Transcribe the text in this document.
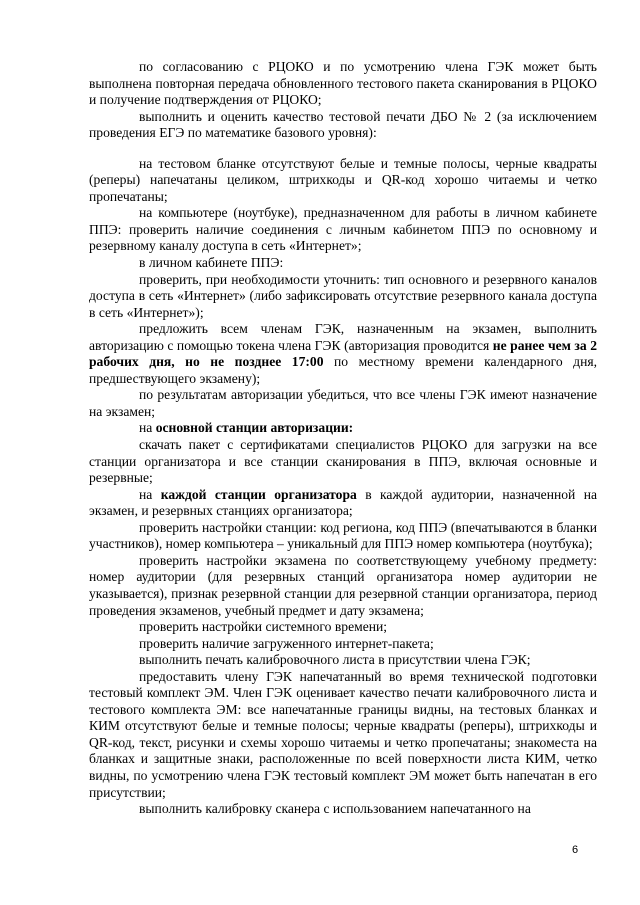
по согласованию с РЦОКО и по усмотрению члена ГЭК может быть выполнена повторная передача обновленного тестового пакета сканирования в РЦОКО и получение подтверждения от РЦОКО;

выполнить и оценить качество тестовой печати ДБО № 2 (за исключением проведения ЕГЭ по математике базового уровня):

на тестовом бланке отсутствуют белые и темные полосы, черные квадраты (реперы) напечатаны целиком, штрихкоды и QR-код хорошо читаемы и четко пропечатаны;

на компьютере (ноутбуке), предназначенном для работы в личном кабинете ППЭ: проверить наличие соединения с личным кабинетом ППЭ по основному и резервному каналу доступа в сеть «Интернет»;

в личном кабинете ППЭ:

проверить, при необходимости уточнить: тип основного и резервного каналов доступа в сеть «Интернет» (либо зафиксировать отсутствие резервного канала доступа в сеть «Интернет»);

предложить всем членам ГЭК, назначенным на экзамен, выполнить авторизацию с помощью токена члена ГЭК (авторизация проводится не ранее чем за 2 рабочих дня, но не позднее 17:00 по местному времени календарного дня, предшествующего экзамену);

по результатам авторизации убедиться, что все члены ГЭК имеют назначение на экзамен;

на основной станции авторизации:

скачать пакет с сертификатами специалистов РЦОКО для загрузки на все станции организатора и все станции сканирования в ППЭ, включая основные и резервные;

на каждой станции организатора в каждой аудитории, назначенной на экзамен, и резервных станциях организатора;

проверить настройки станции: код региона, код ППЭ (впечатываются в бланки участников), номер компьютера – уникальный для ППЭ номер компьютера (ноутбука);

проверить настройки экзамена по соответствующему учебному предмету: номер аудитории (для резервных станций организатора номер аудитории не указывается), признак резервной станции для резервной станции организатора, период проведения экзаменов, учебный предмет и дату экзамена;

проверить настройки системного времени;

проверить наличие загруженного интернет-пакета;

выполнить печать калибровочного листа в присутствии члена ГЭК;

предоставить члену ГЭК напечатанный во время технической подготовки тестовый комплект ЭМ. Член ГЭК оценивает качество печати калибровочного листа и тестового комплекта ЭМ: все напечатанные границы видны, на тестовых бланках и КИМ отсутствуют белые и темные полосы; черные квадраты (реперы), штрихкоды и QR-код, текст, рисунки и схемы хорошо читаемы и четко пропечатаны; знакоместа на бланках и защитные знаки, расположенные по всей поверхности листа КИМ, четко видны, по усмотрению члена ГЭК тестовый комплект ЭМ может быть напечатан в его присутствии;

выполнить калибровку сканера с использованием напечатанного на

6
